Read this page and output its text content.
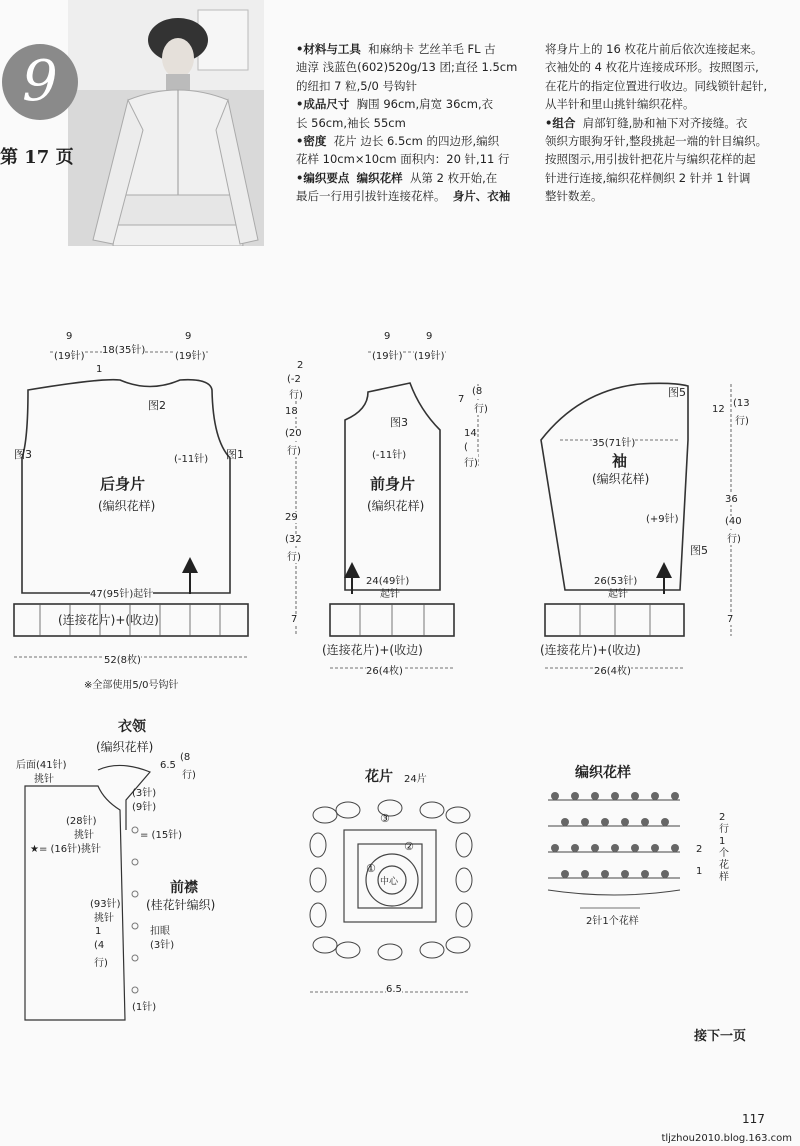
9
第 17 页
•材料与工具 和麻纳卡 艺丝羊毛 FL 古
迪淳 浅蓝色(602)520g/13 团;直径 1.5cm
的纽扣 7 粒,5/0 号钩针
•成品尺寸 胸围 96cm,肩宽 36cm,衣
长 56cm,袖长 55cm
•密度 花片 边长 6.5cm 的四边形,编织
花样 10cm×10cm 面积内：20 针,11 行
•编织要点 编织花样 从第 2 枚开始,在
最后一行用引拔针连接花样。 身片、衣袖
将身片上的 16 枚花片前后依次连接起来。
衣袖处的 4 枚花片连接成环形。按照图示,
在花片的指定位置进行收边。同线锁针起针,
从半针和里山挑针编织花样。
•组合 肩部钉缝,胁和袖下对齐接缝。衣
领织方眼狗牙针,整段挑起一端的针目编织。
按照图示,用引拔针把花片与编织花样的起
针进行连接,编织花样侧织 2 针并 1 针调
整针数差。
9
(19针)
18(35针)
9
(19针)
1
图2
图3	图1
(-11针)
后身片
(编织花样)
47(95针)起针
(连接花片)+(收边)
52(8枚)
※全部使用5/0号钩针
2
(-2
行)
18
(20
行)
29
(32
行)
7
9
(19针)
9
(19针)
图3
(-11针)
前身片
(编织花样)
24(49针)
起针
(连接花片)+(收边)
26(4枚)
7
(8
行)
14
(
行)
图5
35(71针)
袖
(编织花样)
(+9针)
图5
26(53针)
起针
(连接花片)+(收边)
26(4枚)
12
(13
行)
36
(40
行)
7
衣领
(编织花样)
后面(41针)
挑针
6.5
(8
行)
(3针)
(9针)
(28针)
挑针	= (15针)
★= (16针)挑针
前襟
(桂花针编织)
(93针)
挑针
1
(4
行)
扣眼
(3针)
(1针)
花片 24片
中心
①
②
③
6.5
编织花样
2
1
2
行
1
个
花
样
2针1个花样
接下一页
117
tljzhou2010.blog.163.com
